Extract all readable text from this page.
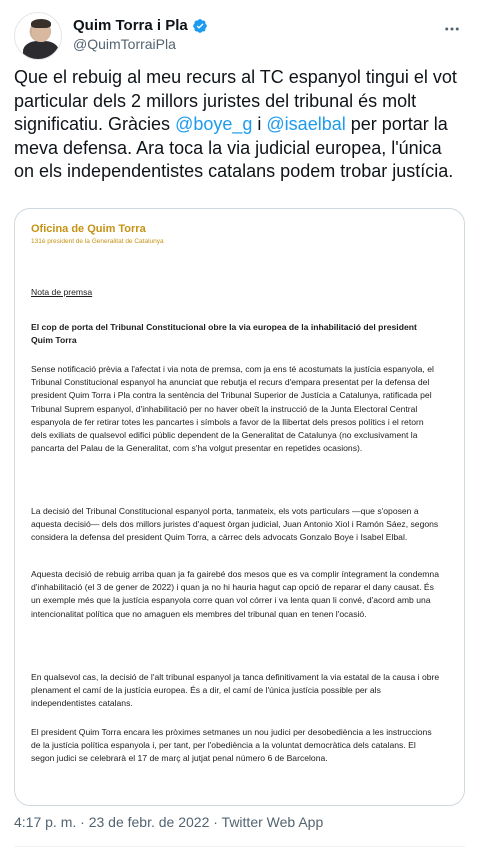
Quim Torra i Pla
@QuimTorraiPla
Que el rebuig al meu recurs al TC espanyol tingui el vot particular dels 2 millors juristes del tribunal és molt significatiu. Gràcies @boye_g i @isaelbal per portar la meva defensa. Ara toca la via judicial europea, l'única on els independentistes catalans podem trobar justícia.
Oficina de Quim Torra
131è president de la Generalitat de Catalunya
Nota de premsa
El cop de porta del Tribunal Constitucional obre la via europea de la inhabilitació del president Quim Torra
Sense notificació prèvia a l'afectat i via nota de premsa, com ja ens té acostumats la justícia espanyola, el Tribunal Constitucional espanyol ha anunciat que rebutja el recurs d'empara presentat per la defensa del president Quim Torra i Pla contra la sentència del Tribunal Superior de Justícia a Catalunya, ratificada pel Tribunal Suprem espanyol, d'inhabilitació per no haver obeït la instrucció de la Junta Electoral Central espanyola de fer retirar totes les pancartes i símbols a favor de la llibertat dels presos polítics i el retorn dels exiliats de qualsevol edifici públic dependent de la Generalitat de Catalunya (no exclusivament la pancarta del Palau de la Generalitat, com s'ha volgut presentar en repetides ocasions).
La decisió del Tribunal Constitucional espanyol porta, tanmateix, els vots particulars —que s'oposen a aquesta decisió— dels dos millors juristes d'aquest òrgan judicial, Juan Antonio Xiol i Ramón Sáez, segons considera la defensa del president Quim Torra, a càrrec dels advocats Gonzalo Boye i Isabel Elbal.
Aquesta decisió de rebuig arriba quan ja fa gairebé dos mesos que es va complir íntegrament la condemna d'inhabilitació (el 3 de gener de 2022) i quan ja no hi hauria hagut cap opció de reparar el dany causat. És un exemple més que la justícia espanyola corre quan vol córrer i va lenta quan li convé, d'acord amb una intencionalitat política que no amaguen els membres del tribunal quan en tenen l'ocasió.
En qualsevol cas, la decisió de l'alt tribunal espanyol ja tanca definitivament la via estatal de la causa i obre plenament el camí de la justícia europea. És a dir, el camí de l'única justícia possible per als independentistes catalans.
El president Quim Torra encara les pròximes setmanes un nou judici per desobediència a les instruccions de la justícia política espanyola i, per tant, per l'obediència a la voluntat democràtica dels catalans. El segon judici se celebrarà el 17 de març al jutjat penal número 6 de Barcelona.
4:17 p. m. · 23 de febr. de 2022 · Twitter Web App
